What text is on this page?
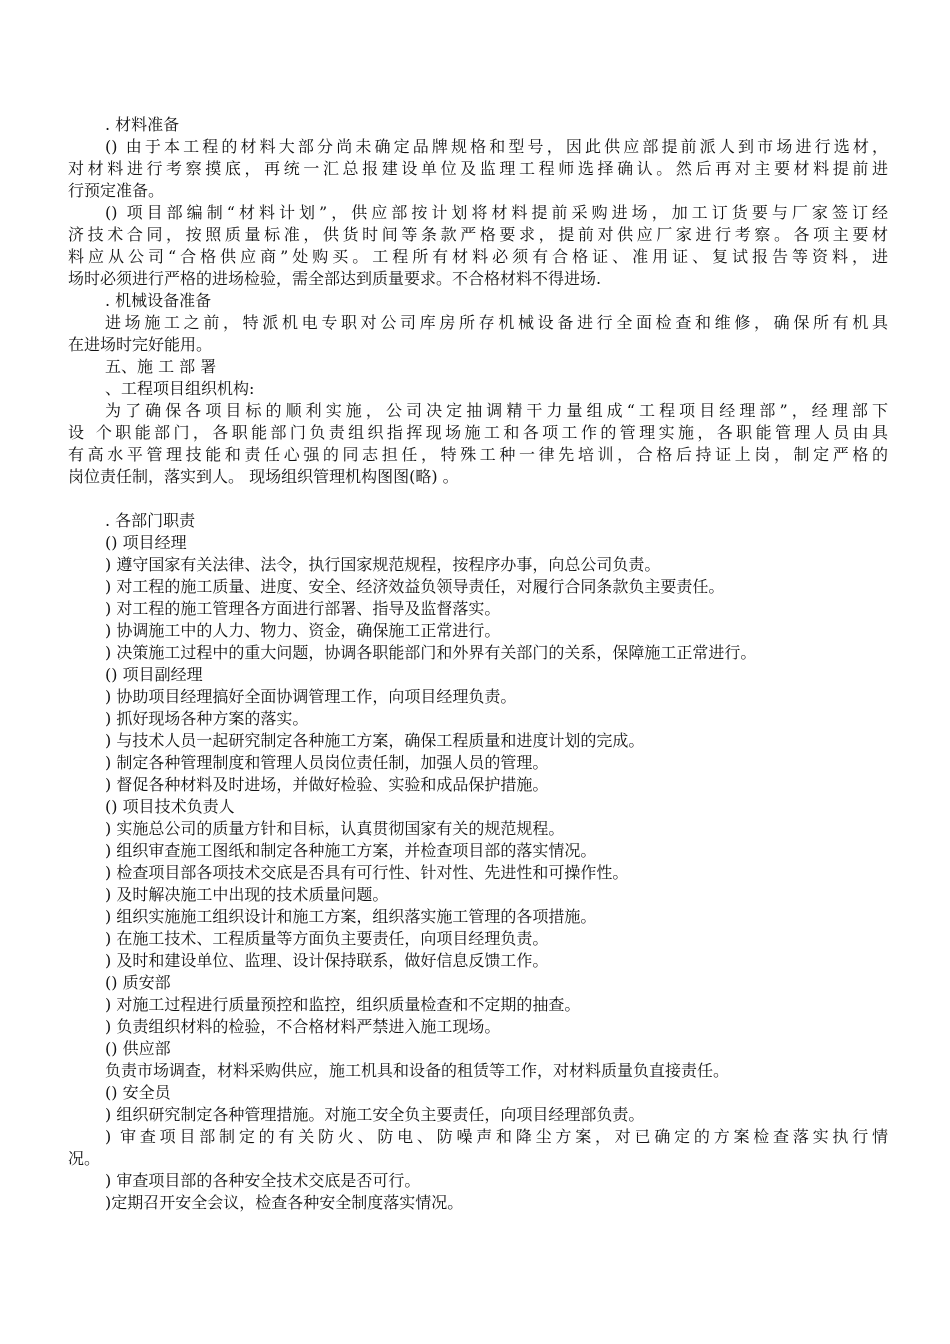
. 材料准备
() 由于本工程的材料大部分尚未确定品牌规格和型号，因此供应部提前派人到市场进行选材，
对材料进行考察摸底，再统一汇总报建设单位及监理工程师选择确认。然后再对主要材料提前进
行预定准备。
() 项目部编制“材料计划”，供应部按计划将材料提前采购进场，加工订货要与厂家签订经
济技术合同，按照质量标准，供货时间等条款严格要求，提前对供应厂家进行考察。各项主要材
料应从公司“合格供应商”处购买。工程所有材料必须有合格证、准用证、复试报告等资料，进
场时必须进行严格的进场检验，需全部达到质量要求。不合格材料不得进场.
. 机械设备准备
进场施工之前，特派机电专职对公司库房所存机械设备进行全面检查和维修，确保所有机具
在进场时完好能用。
五、施 工 部 署
、工程项目组织机构:
为了确保各项目标的顺利实施，公司决定抽调精干力量组成“工程项目经理部”，经理部下
设 个职能部门，各职能部门负责组织指挥现场施工和各项工作的管理实施，各职能管理人员由具
有高水平管理技能和责任心强的同志担任，特殊工种一律先培训，合格后持证上岗，制定严格的
岗位责任制，落实到人。 现场组织管理机构图图(略) 。
. 各部门职责
() 项目经理
) 遵守国家有关法律、法令，执行国家规范规程，按程序办事，向总公司负责。
) 对工程的施工质量、进度、安全、经济效益负领导责任，对履行合同条款负主要责任。
) 对工程的施工管理各方面进行部署、指导及监督落实。
) 协调施工中的人力、物力、资金，确保施工正常进行。
) 决策施工过程中的重大问题，协调各职能部门和外界有关部门的关系，保障施工正常进行。
() 项目副经理
) 协助项目经理搞好全面协调管理工作，向项目经理负责。
) 抓好现场各种方案的落实。
) 与技术人员一起研究制定各种施工方案，确保工程质量和进度计划的完成。
) 制定各种管理制度和管理人员岗位责任制，加强人员的管理。
) 督促各种材料及时进场，并做好检验、实验和成品保护措施。
() 项目技术负责人
) 实施总公司的质量方针和目标，认真贯彻国家有关的规范规程。
) 组织审查施工图纸和制定各种施工方案，并检查项目部的落实情况。
) 检查项目部各项技术交底是否具有可行性、针对性、先进性和可操作性。
) 及时解决施工中出现的技术质量问题。
) 组织实施施工组织设计和施工方案，组织落实施工管理的各项措施。
) 在施工技术、工程质量等方面负主要责任，向项目经理负责。
) 及时和建设单位、监理、设计保持联系，做好信息反馈工作。
() 质安部
) 对施工过程进行质量预控和监控，组织质量检查和不定期的抽查。
) 负责组织材料的检验，不合格材料严禁进入施工现场。
() 供应部
负责市场调查，材料采购供应，施工机具和设备的租赁等工作，对材料质量负直接责任。
() 安全员
) 组织研究制定各种管理措施。对施工安全负主要责任，向项目经理部负责。
) 审查项目部制定的有关防火、防电、防噪声和降尘方案，对已确定的方案检查落实执行情
况。
) 审查项目部的各种安全技术交底是否可行。
)定期召开安全会议，检查各种安全制度落实情况。
